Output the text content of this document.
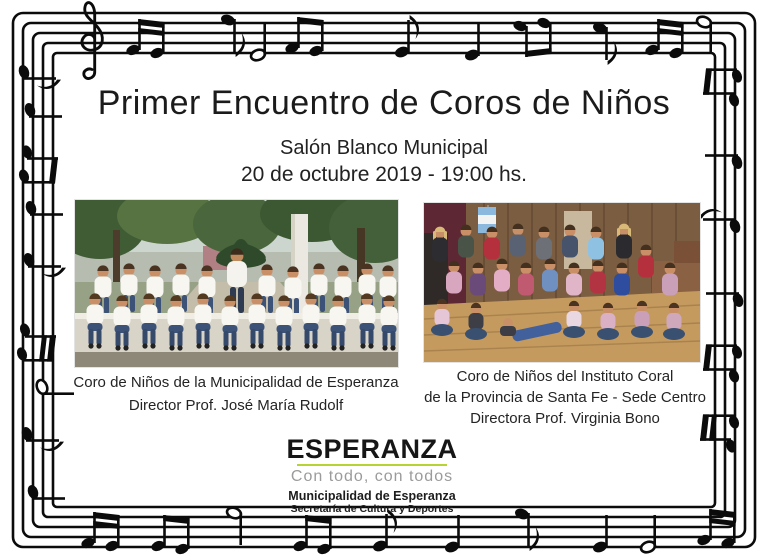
Primer Encuentro de Coros de Niños
Salón Blanco Municipal
20 de octubre 2019 - 19:00 hs.
Coro de Niños de la Municipalidad de Esperanza
Director Prof. José María Rudolf
Coro de Niños del Instituto Coral
de la Provincia de Santa Fe - Sede Centro
Directora Prof. Virginia Bono
ESPERANZA
Con todo, con todos
Municipalidad de Esperanza
Secretaría de Cultura y Deportes
